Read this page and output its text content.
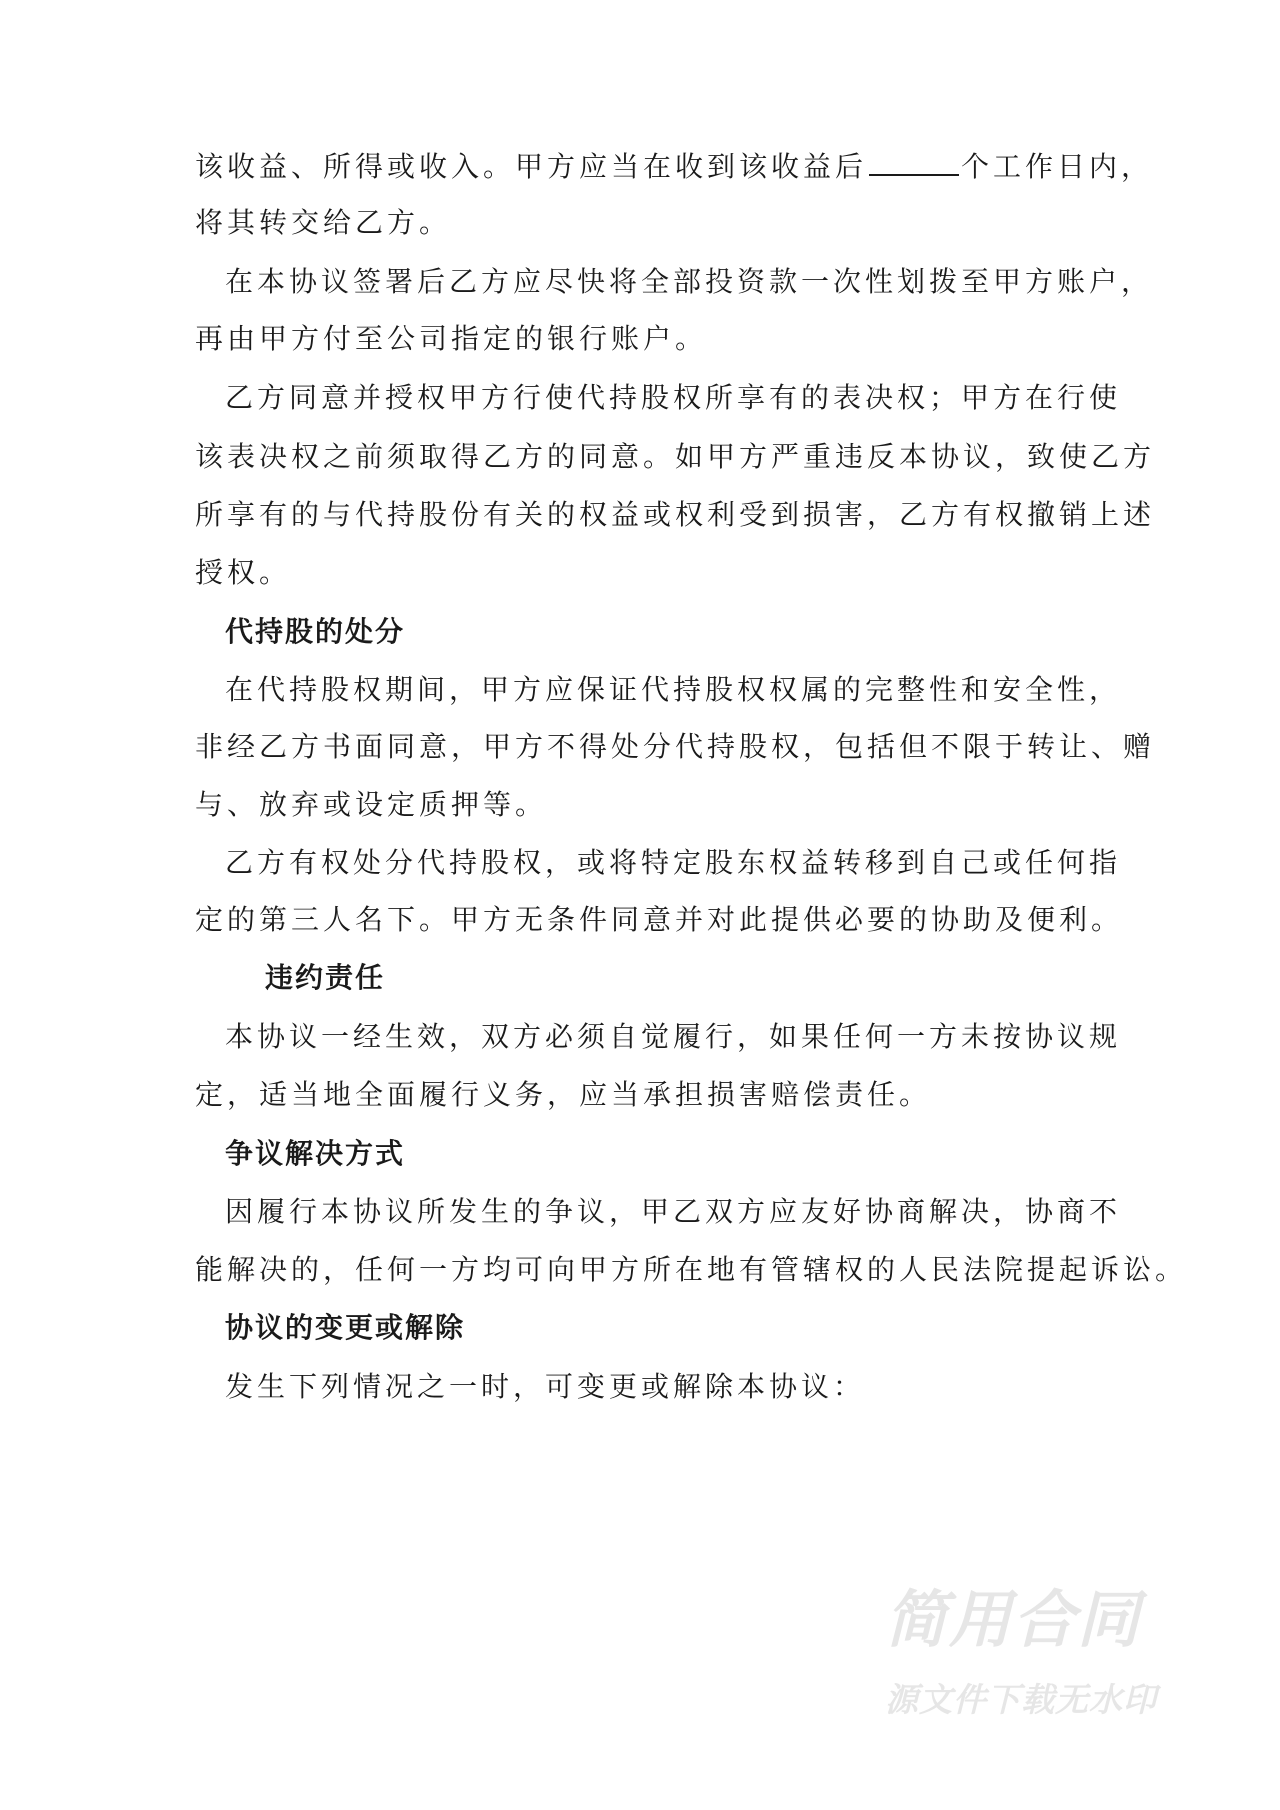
该收益、所得或收入。甲方应当在收到该收益后	个工作日内，
将其转交给乙方。
在本协议签署后乙方应尽快将全部投资款一次性划拨至甲方账户，
再由甲方付至公司指定的银行账户。
乙方同意并授权甲方行使代持股权所享有的表决权；甲方在行使
该表决权之前须取得乙方的同意。如甲方严重违反本协议，致使乙方
所享有的与代持股份有关的权益或权利受到损害，乙方有权撤销上述
授权。
代持股的处分
在代持股权期间，甲方应保证代持股权权属的完整性和安全性，
非经乙方书面同意，甲方不得处分代持股权，包括但不限于转让、赠
与、放弃或设定质押等。
乙方有权处分代持股权，或将特定股东权益转移到自己或任何指
定的第三人名下。甲方无条件同意并对此提供必要的协助及便利。
违约责任
本协议一经生效，双方必须自觉履行，如果任何一方未按协议规
定，适当地全面履行义务，应当承担损害赔偿责任。
争议解决方式
因履行本协议所发生的争议，甲乙双方应友好协商解决，协商不
能解决的，任何一方均可向甲方所在地有管辖权的人民法院提起诉讼。
协议的变更或解除
发生下列情况之一时，可变更或解除本协议：
简用合同
源文件下载无水印
